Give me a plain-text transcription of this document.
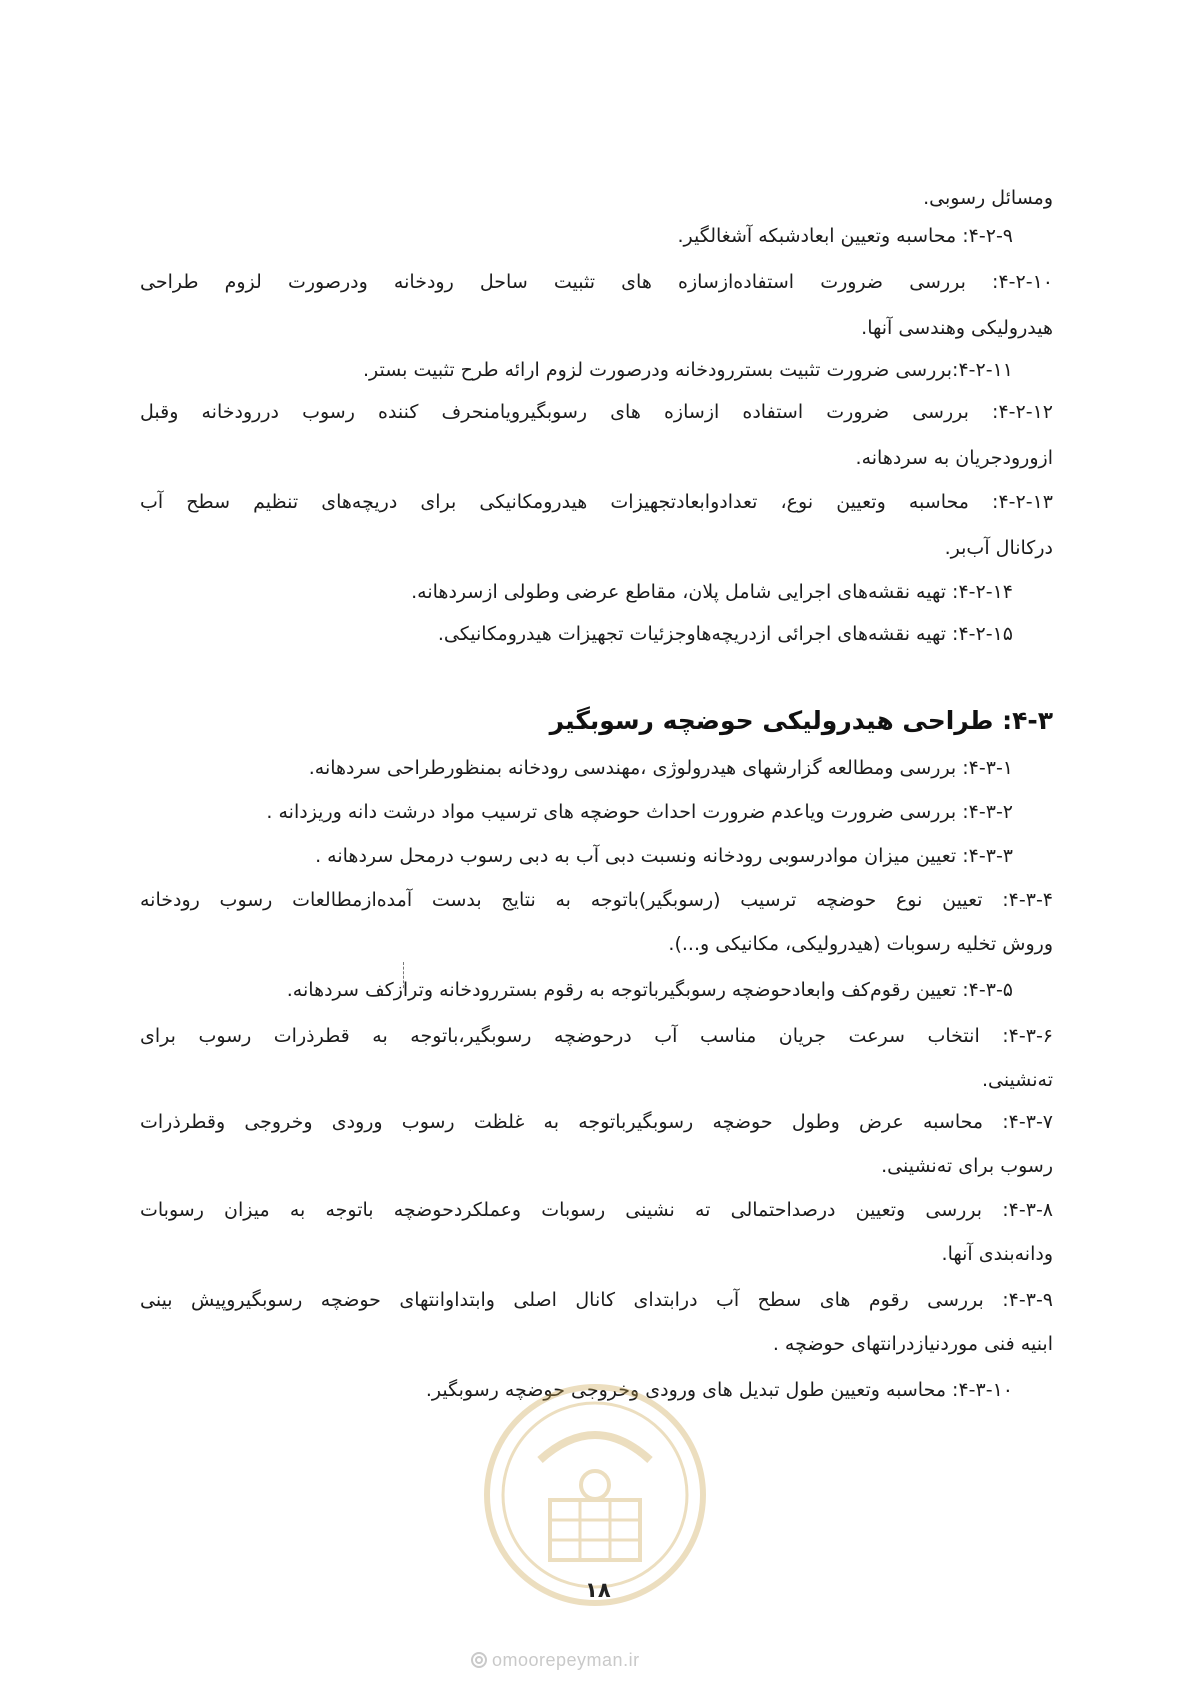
ومسائل رسوبی.
۴-۲-۹: محاسبه وتعیین ابعادشبکه آشغالگیر.
۴-۲-۱۰: بررسی ضرورت استفاده‌ازسازه های تثبیت ساحل رودخانه ودرصورت لزوم طراحی
هیدرولیکی وهندسی آنها.
۴-۲-۱۱:بررسی ضرورت تثبیت بستررودخانه ودرصورت لزوم ارائه طرح تثبیت بستر.
۴-۲-۱۲: بررسی ضرورت استفاده ازسازه های رسوبگیرویامنحرف کننده رسوب دررودخانه وقبل
ازورودجریان به سردهانه.
۴-۲-۱۳: محاسبه وتعیین نوع، تعدادوابعادتجهیزات هیدرومکانیکی برای دریچه‌های تنظیم سطح آب
درکانال آب‌بر.
۴-۲-۱۴: تهیه نقشه‌های اجرایی شامل پلان، مقاطع عرضی وطولی ازسردهانه.
۴-۲-۱۵: تهیه نقشه‌های اجرائی ازدریچه‌هاوجزئیات تجهیزات هیدرومکانیکی.
۴-۳: طراحی هیدرولیکی حوضچه رسوبگیر
۴-۳-۱: بررسی ومطالعه گزارشهای هیدرولوژی ،مهندسی رودخانه بمنظورطراحی سردهانه.
۴-۳-۲: بررسی ضرورت ویاعدم ضرورت احداث حوضچه های ترسیب مواد درشت دانه وریزدانه .
۴-۳-۳: تعیین میزان موادرسوبی رودخانه ونسبت دبی آب به دبی رسوب درمحل سردهانه .
۴-۳-۴: تعیین نوع حوضچه ترسیب (رسوبگیر)باتوجه به نتایج بدست آمده‌ازمطالعات رسوب رودخانه
وروش تخلیه رسوبات (هیدرولیکی، مکانیکی و...).
۴-۳-۵: تعیین رقوم‌کف وابعادحوضچه رسوبگیرباتوجه به رقوم بستررودخانه وترازکف سردهانه.
۴-۳-۶: انتخاب سرعت جریان مناسب آب درحوضچه رسوبگیر،باتوجه به قطرذرات رسوب برای
ته‌نشینی.
۴-۳-۷: محاسبه عرض وطول حوضچه رسوبگیرباتوجه به غلظت رسوب ورودی وخروجی وقطرذرات
رسوب برای ته‌نشینی.
۴-۳-۸: بررسی وتعیین درصداحتمالی ته نشینی رسوبات وعملکردحوضچه باتوجه به میزان رسوبات
ودانه‌بندی آنها.
۴-۳-۹: بررسی رقوم های سطح آب درابتدای کانال اصلی وابتداوانتهای حوضچه رسوبگیروپیش بینی
ابنیه فنی موردنیازدرانتهای حوضچه .
۴-۳-۱۰: محاسبه وتعیین طول تبدیل های ورودی وخروجی حوضچه رسوبگیر.
۱۸
omoorepeyman.ir
